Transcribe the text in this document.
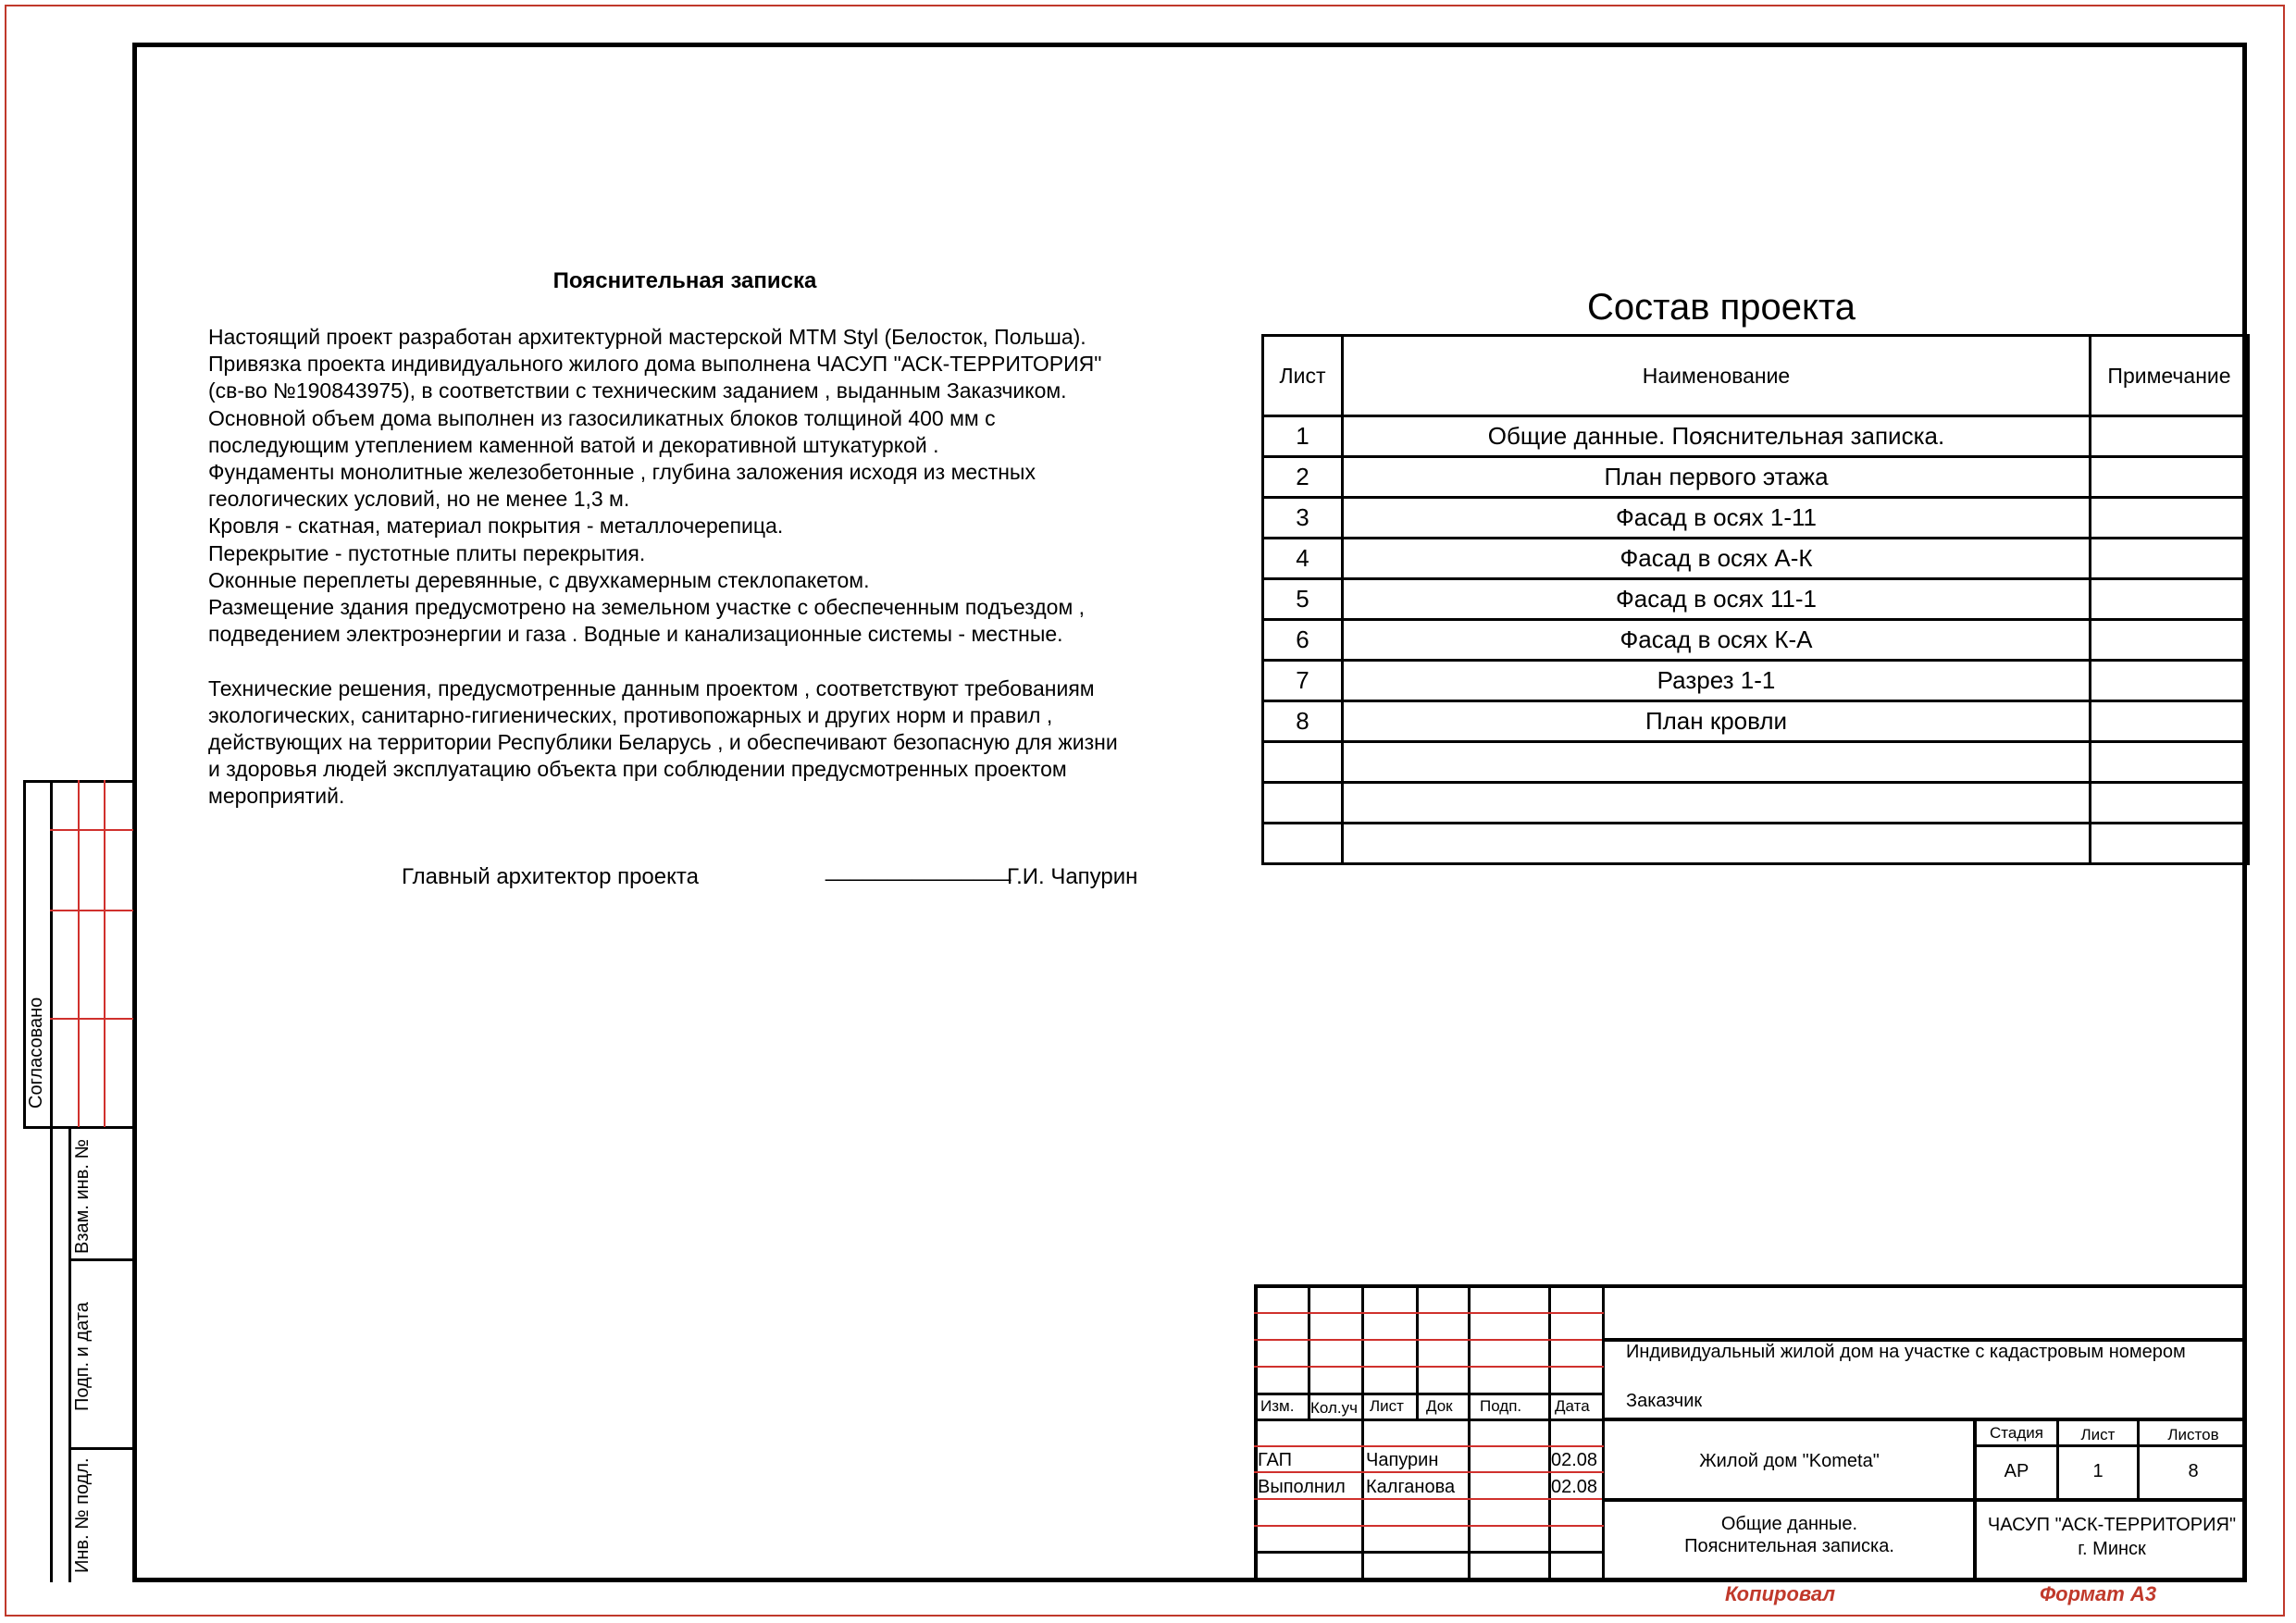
Пояснительная записка
Настоящий проект разработан архитектурной мастерской MTM Styl (Белосток, Польша).
Привязка проекта индивидуального жилого дома выполнена ЧАСУП "АСК-ТЕРРИТОРИЯ"
(св-во №190843975), в соответствии с техническим заданием , выданным Заказчиком.
Основной объем дома выполнен из газосиликатных блоков толщиной 400 мм с
последующим утеплением каменной ватой и декоративной штукатуркой .
Фундаменты монолитные железобетонные , глубина заложения исходя из местных
геологических условий, но не менее 1,3 м.
Кровля - скатная, материал покрытия - металлочерепица.
Перекрытие - пустотные плиты перекрытия.
Оконные переплеты деревянные, с двухкамерным стеклопакетом.
Размещение здания предусмотрено на земельном участке с обеспеченным подъездом ,
подведением электроэнергии и газа . Водные и канализационные системы - местные.
Технические решения, предусмотренные данным проектом , соответствуют требованиям
экологических, санитарно-гигиенических, противопожарных и других норм и правил ,
действующих на территории Республики Беларусь , и обеспечивают безопасную для жизни
и здоровья людей эксплуатацию объекта при соблюдении предусмотренных проектом
мероприятий.
Главный архитектор проекта	_______________
Г.И. Чапурин
Состав проекта
Лист	Наименование	Примечание
1	Общие данные. Пояснительная записка.	
2	План первого этажа	
3	Фасад в осях 1-11	
4	Фасад в осях А-К	
5	Фасад в осях 11-1	
6	Фасад в осях К-А	
7	Разрез 1-1	
8	План кровли	

Согласовано
Взам. инв. №
Подп. и дата
Инв. № подл.
Изм. Кол.уч Лист Док Подп. Дата
ГАП	Чапурин	02.08
Выполнил Калганова	02.08
Индивидуальный жилой дом на участке с кадастровым номером
Заказчик
Жилой дом "Kometa"
Стадия	Лист	Листов
АР	1	8
Общие данные.
Пояснительная записка.
ЧАСУП "АСК-ТЕРРИТОРИЯ"
г. Минск
Копировал	Формат А3
